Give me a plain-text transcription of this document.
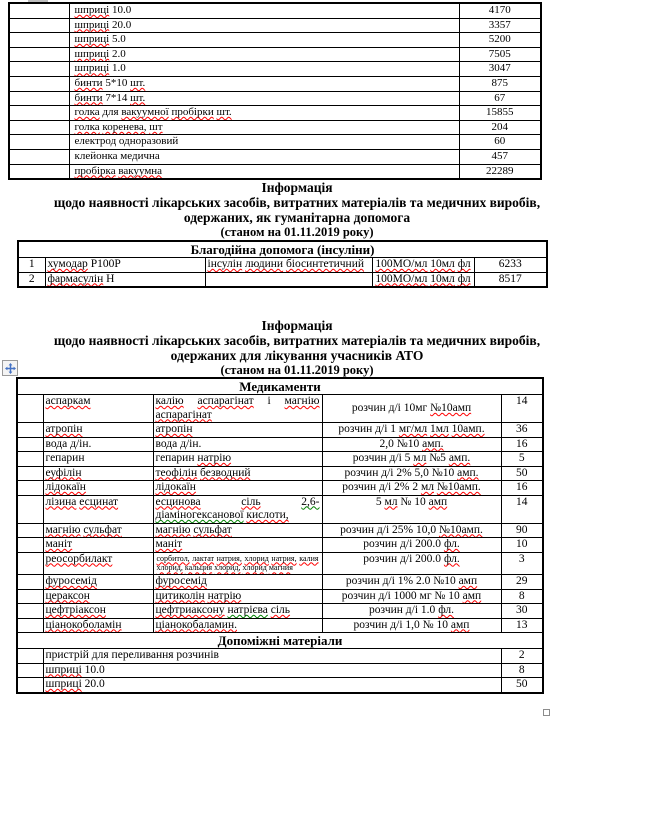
	шприці 10.0	4170
	шприці 20.0	3357
	шприці 5.0	5200
	шприці 2.0	7505
	шприці 1.0	3047
	бинти 5*10 шт.	875
	бинти 7*14 шт.	67
	голка для вакуумної пробірки шт.	15855
	голка коренева, шт	204
	електрод одноразовий	60
	клейонка медична	457
	пробірка вакуумна	22289
Інформація
щодо наявності лікарських засобів, витратних матеріалів та медичних виробів,
одержаних, як гуманітарна допомога
(станом на 01.11.2019 року)
Благодійна допомога (інсуліни)				
1	хумодар Р100Р	інсулін людини біосинтетичний	100МО/мл 10мл фл	6233
2	фармасулін Н		100МО/мл 10мл фл	8517
Інформація
щодо наявності лікарських засобів, витратних матеріалів та медичних виробів,
одержаних для лікування учасників АТО
(станом на 01.11.2019 року)
Медикаменти				
	аспаркам	калію аспарагінат і магнію аспарагінат	розчин д/і 10мг №10амп	14
	атропін	атропін	розчин д/і 1 мг/мл 1мл 10амп.	36
	вода д/ін.	вода д/ін.	2,0 №10 амп.	16
	гепарин	гепарин натрію	розчин д/і 5 мл №5 амп.	5
	еуфілін	теофілін безводний	розчин д/і 2% 5,0 №10 амп.	50
	лідокаїн	лідокаїн	розчин д/і 2% 2 мл №10амп.	16
	лізина есцинат	есцинова сіль 2,6-діаміногексанової кислоти,	5 мл № 10 амп	14
	магнію сульфат	магнію сульфат	розчин д/і 25% 10,0 №10амп.	90
	маніт	маніт	розчин д/і 200.0 фл.	10
	реосорбилакт	сорбитол, лактат натрия, хлорид натрия, калия хлорид, кальция хлорид, хлорид магния	розчин д/і 200.0 фл.	3
	фуросемід	фуросемід	розчин д/і 1% 2.0 №10 амп	29
	цераксон	цитиколін натрію	розчин д/і 1000 мг № 10 амп	8
	цефтріаксон	цефтриаксону натрієва сіль	розчин д/і 1.0 фл.	30
	ціанокоболамін	ціанокобаламин.	розчин д/і 1,0 № 10 амп	13
Допоміжні матеріали				
	пристрій для переливання розчинів			2
	шприці 10.0			8
	шприці 20.0			50
